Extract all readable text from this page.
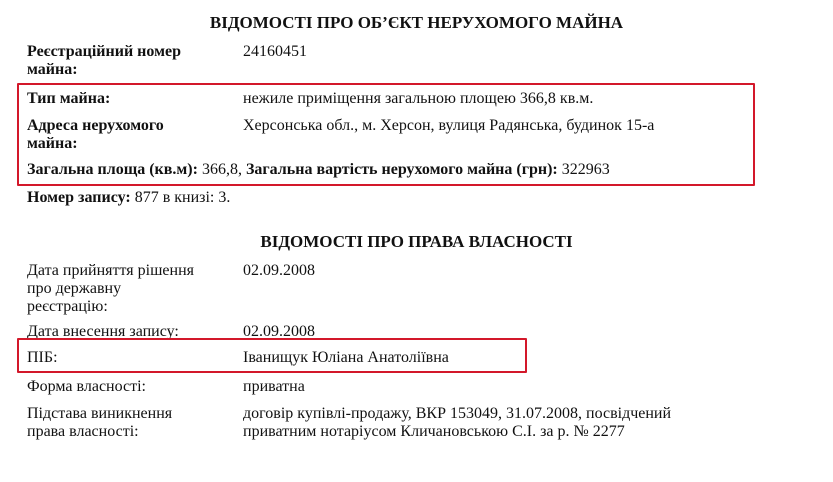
ВІДОМОСТІ ПРО ОБ’ЄКТ НЕРУХОМОГО МАЙНА
Реєстраційний номер
майна:
24160451
Тип майна:	нежиле приміщення загальною площею 366,8 кв.м.
Адреса нерухомого
майна:
Херсонська обл., м. Херсон, вулиця Радянська, будинок 15-а
Загальна площа (кв.м): 366,8, Загальна вартість нерухомого майна (грн): 322963
Номер запису: 877 в книзі: 3.
ВІДОМОСТІ ПРО ПРАВА ВЛАСНОСТІ
Дата прийняття рішення
про державну
реєстрацію:
02.09.2008
Дата внесення запису:	02.09.2008
ПІБ:	Іванищук Юліана Анатоліївна
Форма власності:	приватна
Підстава виникнення
права власності:
договір купівлі-продажу, ВКР 153049, 31.07.2008, посвідчений
приватним нотаріусом Кличановською С.І. за р. № 2277
